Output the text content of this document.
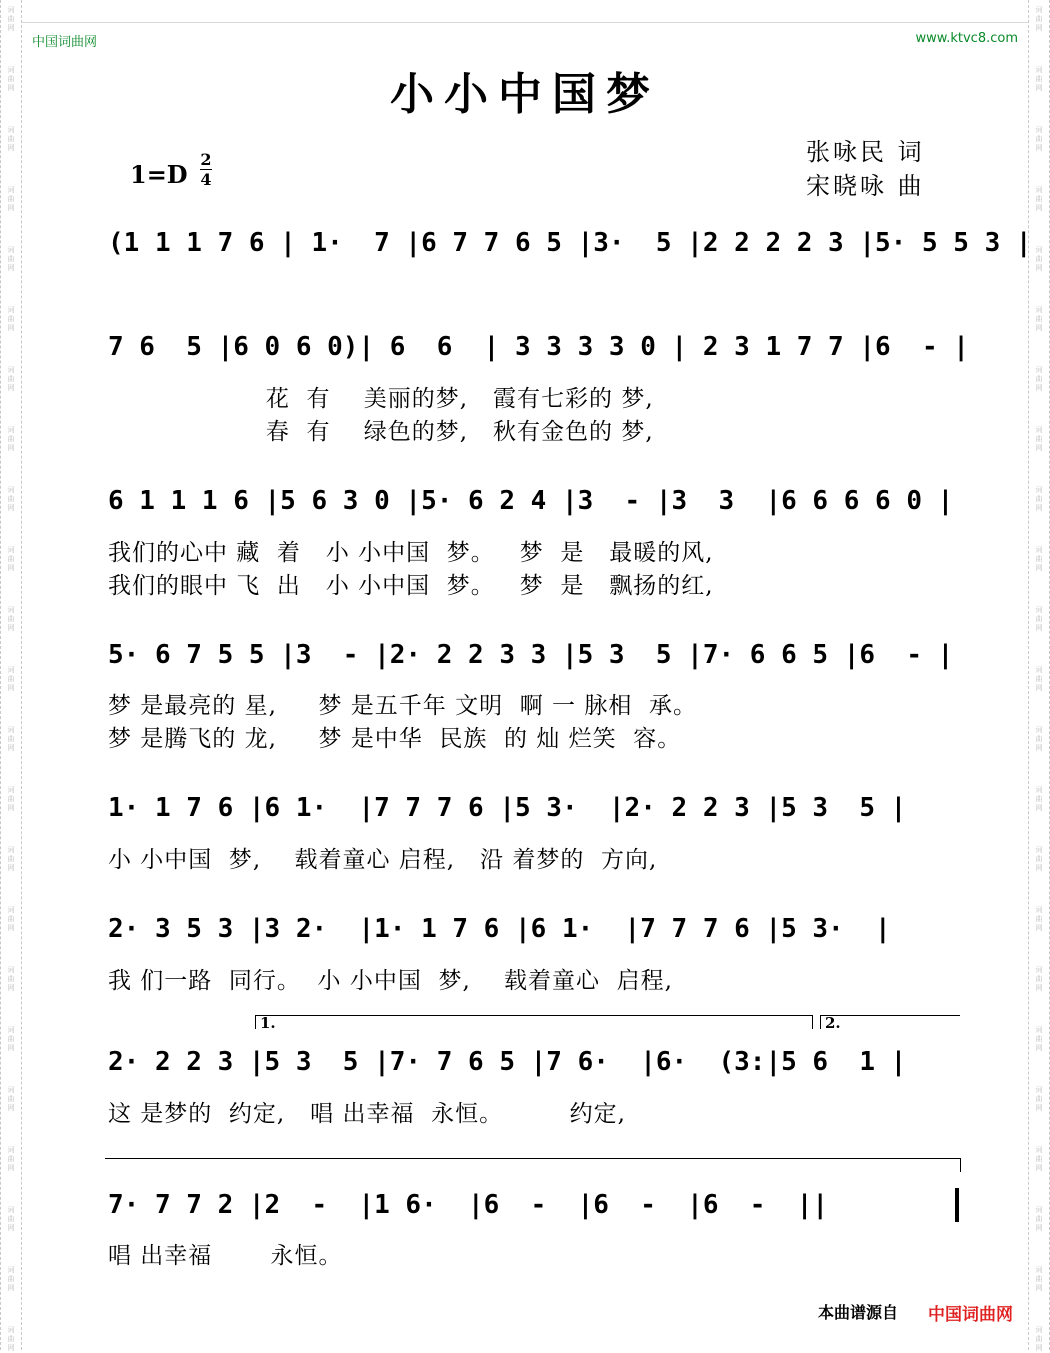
词
曲
网
词
曲
网
词
曲
网
词
曲
网
词
曲
网
词
曲
网
词
曲
网
词
曲
网
词
曲
网
词
曲
网
词
曲
网
词
曲
网
词
曲
网
词
曲
网
词
曲
网
词
曲
网
词
曲
网
词
曲
网
词
曲
网
词
曲
网
词
曲
网
词
曲
网
词
曲
网
词
曲
网
词
曲
网
词
曲
网
词
曲
网
词
曲
网
词
曲
网
词
曲
网
词
曲
网
词
曲
网
词
曲
网
词
曲
网
词
曲
网
词
曲
网
词
曲
网
词
曲
网
词
曲
网
词
曲
网
词
曲
网
词
曲
网
词
曲
网
词
曲
网
词
曲
网
词
曲
网
中国词曲网	www.ktvc8.com
小小中国梦
1=D
2
4
张咏民 词
宋晓咏 曲
(1 1 1 7 6 | 1·  7 |6 7 7 6 5 |3·  5 |2 2 2 2 3 |5· 5 5 3 |
7 6  5 |6 0 6 0)| 6  6  | 3 3 3 3 0 | 2 3 1 7 7 |6  - |
花  有    美丽的梦,   霞有七彩的 梦,
春  有    绿色的梦,   秋有金色的 梦,
6 1 1 1 6 |5 6 3 0 |5· 6 2 4 |3  - |3  3  |6 6 6 6 0 |
我们的心中 藏  着   小 小中国  梦。   梦  是   最暖的风,
我们的眼中 飞  出   小 小中国  梦。   梦  是   飘扬的红,
5· 6 7 5 5 |3  - |2· 2 2 3 3 |5 3  5 |7· 6 6 5 |6  - |
梦 是最亮的 星,     梦 是五千年 文明  啊 一 脉相  承。
梦 是腾飞的 龙,     梦 是中华  民族  的 灿 烂笑  容。
1· 1 7 6 |6 1·  |7 7 7 6 |5 3·  |2· 2 2 3 |5 3  5 |
小 小中国  梦,    载着童心 启程,   沿 着梦的  方向,
2· 3 5 3 |3 2·  |1· 1 7 6 |6 1·  |7 7 7 6 |5 3·  |
我 们一路  同行。  小 小中国  梦,    载着童心  启程,
1.	2.
2· 2 2 3 |5 3  5 |7· 7 6 5 |7 6·  |6·  (3:|5 6  1 |
这 是梦的  约定,   唱 出幸福  永恒。        约定,
7· 7 7 2 |2  -  |1 6·  |6  -  |6  -  |6  -  ||
唱 出幸福       永恒。
本曲谱源自 中国词曲网
